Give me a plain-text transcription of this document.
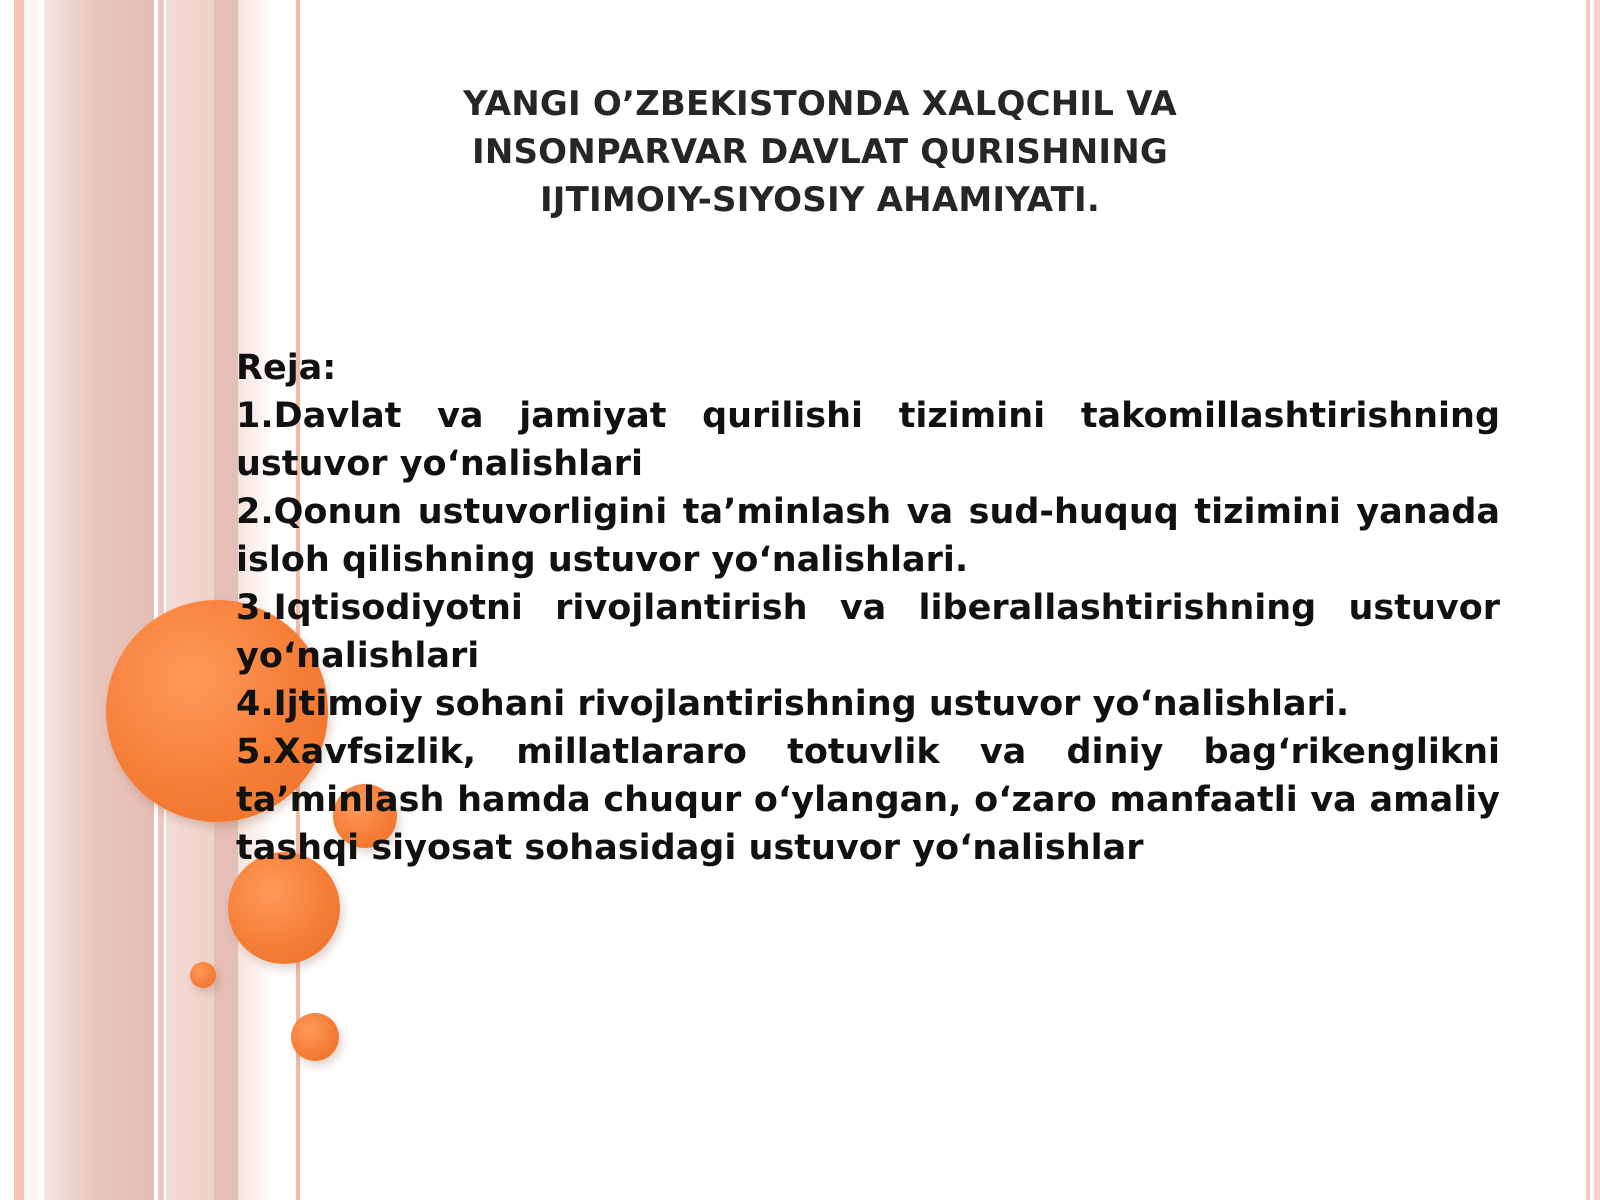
YANGI O’ZBEKISTONDA XALQCHIL VA
INSONPARVAR DAVLAT QURISHNING
IJTIMOIY-SIYOSIY AHAMIYATI.

Reja:

1.Davlat va jamiyat qurilishi tizimini takomillashtirishning ustuvor yo‘nalishlari

2.Qonun ustuvorligini ta’minlash va sud-huquq tizimini yanada isloh qilishning ustuvor yo‘nalishlari.

3.Iqtisodiyotni rivojlantirish va liberallashtirishning ustuvor yo‘nalishlari

4.Ijtimoiy sohani rivojlantirishning ustuvor yo‘nalishlari.

5.Xavfsizlik, millatlararo totuvlik va diniy bag‘rikenglikni ta’minlash hamda chuqur o‘ylangan, o‘zaro manfaatli va amaliy tashqi siyosat sohasidagi ustuvor yo‘nalishlar
